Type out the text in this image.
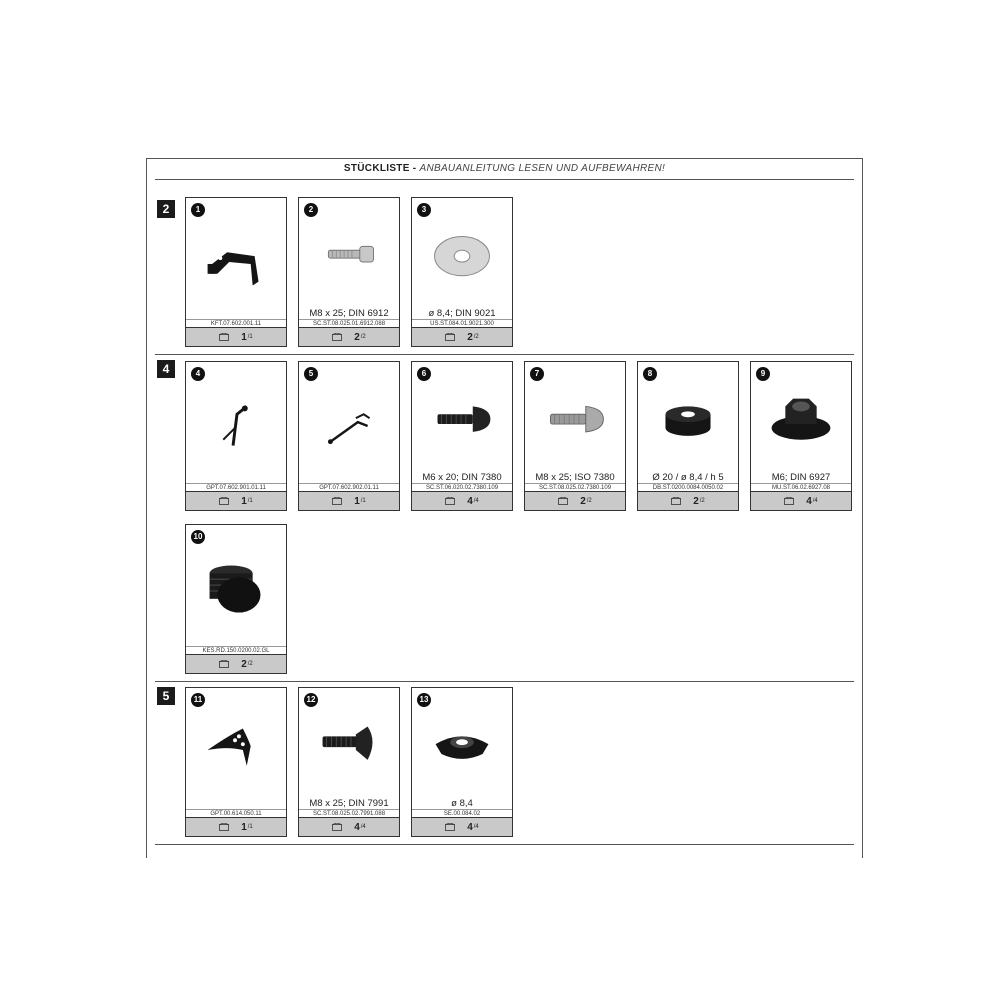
STÜCKLISTE - ANBAUANLEITUNG LESEN UND AUFBEWAHREN!
2
4
5
1
KFT.07.602.001.11
1 /1
2
M8 x 25; DIN 6912
SC.ST.08.025.01.6912.088
2 /2
3
ø 8,4; DIN 9021
US.ST.084.01.9021.300
2 /2
4
GPT.07.602.901.01.11
1 /1
5
GPT.07.602.902.01.11
1 /1
6
M6 x 20; DIN 7380
SC.ST.06.020.02.7380.109
4 /4
7
M8 x 25; ISO 7380
SC.ST.08.025.02.7380.109
2 /2
8
Ø 20 / ø 8,4 / h 5
DB.ST.0200.0084.0050.02
2 /2
9
M6; DIN 6927
MU.ST.06.02.6927.08
4 /4
10
KES.RD.150.0200.02.GL
2 /2
11
GPT.00.614.050.11
1 /1
12
M8 x 25; DIN 7991
SC.ST.08.025.02.7991.088
4 /4
13
ø 8,4
SE.00.084.02
4 /4
